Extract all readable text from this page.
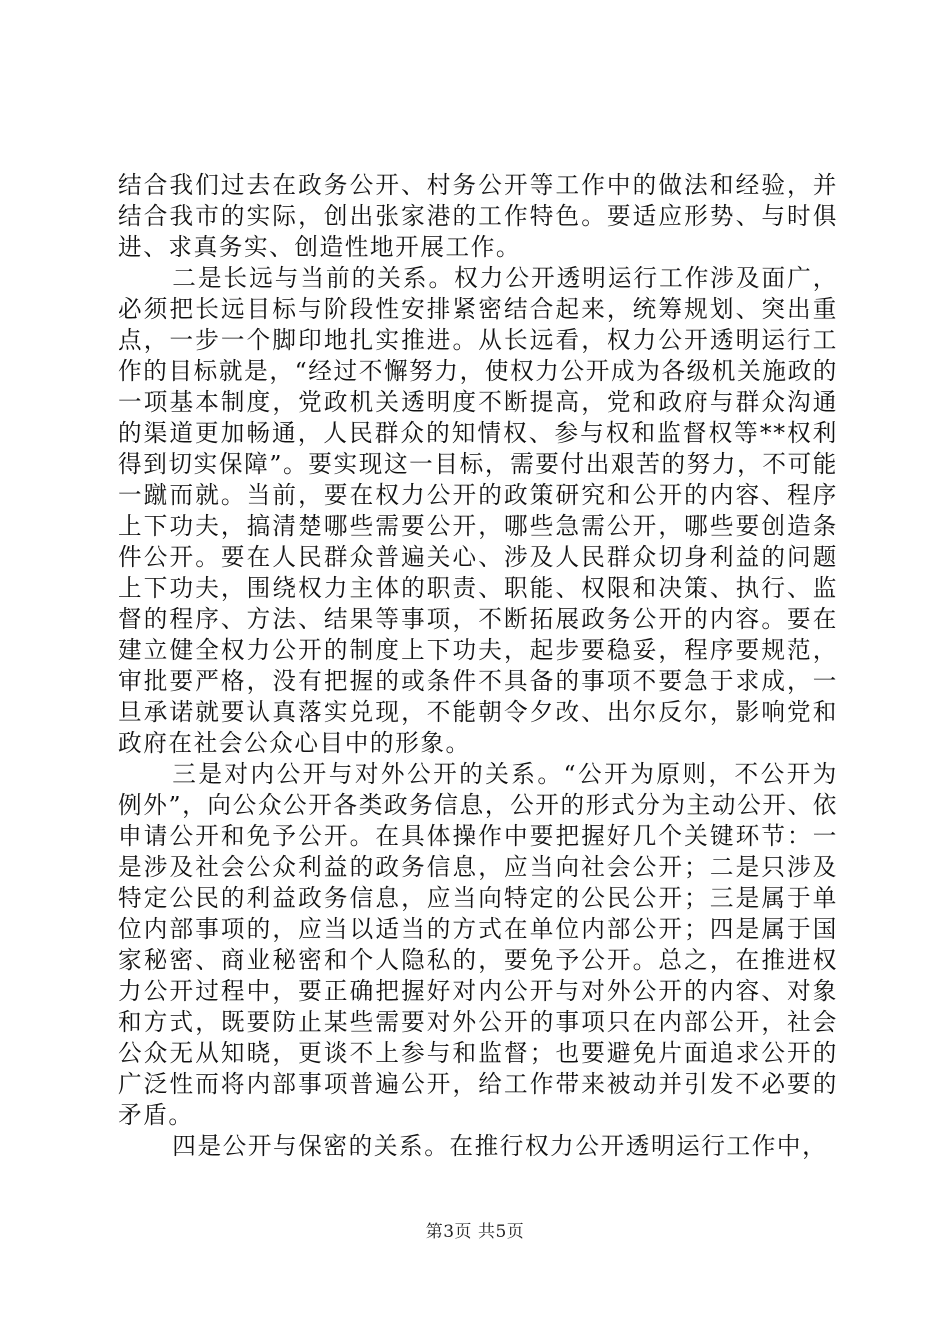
结合我们过去在政务公开、村务公开等工作中的做法和经验，并结合我市的实际，创出张家港的工作特色。要适应形势、与时俱进、求真务实、创造性地开展工作。

二是长远与当前的关系。权力公开透明运行工作涉及面广，必须把长远目标与阶段性安排紧密结合起来，统筹规划、突出重点，一步一个脚印地扎实推进。从长远看，权力公开透明运行工作的目标就是，“经过不懈努力，使权力公开成为各级机关施政的一项基本制度，党政机关透明度不断提高，党和政府与群众沟通的渠道更加畅通，人民群众的知情权、参与权和监督权等**权利得到切实保障”。要实现这一目标，需要付出艰苦的努力，不可能一蹴而就。当前，要在权力公开的政策研究和公开的内容、程序上下功夫，搞清楚哪些需要公开，哪些急需公开，哪些要创造条件公开。要在人民群众普遍关心、涉及人民群众切身利益的问题上下功夫，围绕权力主体的职责、职能、权限和决策、执行、监督的程序、方法、结果等事项，不断拓展政务公开的内容。要在建立健全权力公开的制度上下功夫，起步要稳妥，程序要规范，审批要严格，没有把握的或条件不具备的事项不要急于求成，一旦承诺就要认真落实兑现，不能朝令夕改、出尔反尔，影响党和政府在社会公众心目中的形象。

三是对内公开与对外公开的关系。“公开为原则，不公开为例外”，向公众公开各类政务信息，公开的形式分为主动公开、依申请公开和免予公开。在具体操作中要把握好几个关键环节：一是涉及社会公众利益的政务信息，应当向社会公开；二是只涉及特定公民的利益政务信息，应当向特定的公民公开；三是属于单位内部事项的，应当以适当的方式在单位内部公开；四是属于国家秘密、商业秘密和个人隐私的，要免予公开。总之，在推进权力公开过程中，要正确把握好对内公开与对外公开的内容、对象和方式，既要防止某些需要对外公开的事项只在内部公开，社会公众无从知晓，更谈不上参与和监督；也要避免片面追求公开的广泛性而将内部事项普遍公开，给工作带来被动并引发不必要的矛盾。

四是公开与保密的关系。在推行权力公开透明运行工作中，

第3页 共5页
